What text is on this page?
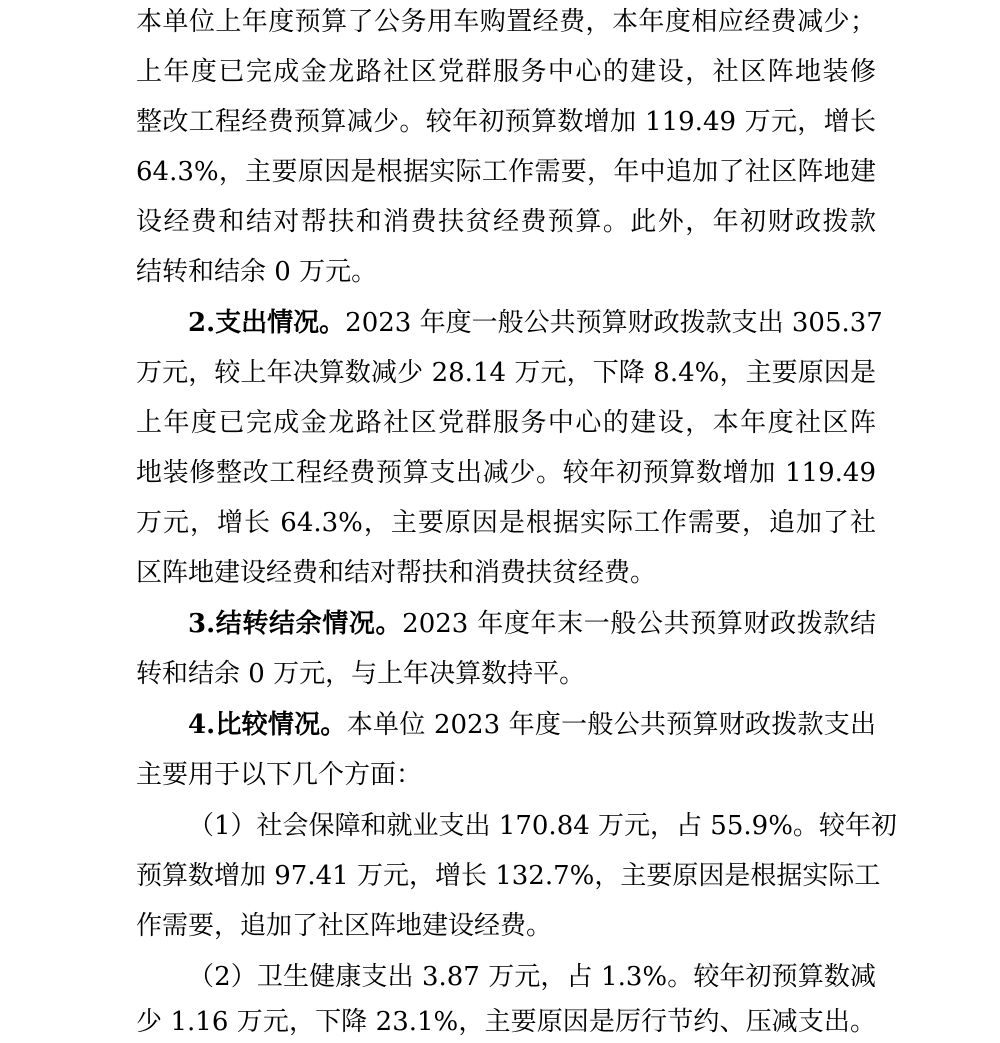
本单位上年度预算了公务用车购置经费，本年度相应经费减少；
上年度已完成金龙路社区党群服务中心的建设，社区阵地装修
整改工程经费预算减少。较年初预算数增加 119.49 万元，增长
64.3%，主要原因是根据实际工作需要，年中追加了社区阵地建
设经费和结对帮扶和消费扶贫经费预算。此外，年初财政拨款
结转和结余 0 万元。
2.支出情况。2023 年度一般公共预算财政拨款支出 305.37
万元，较上年决算数减少 28.14 万元，下降 8.4%，主要原因是
上年度已完成金龙路社区党群服务中心的建设，本年度社区阵
地装修整改工程经费预算支出减少。较年初预算数增加 119.49
万元，增长 64.3%，主要原因是根据实际工作需要，追加了社
区阵地建设经费和结对帮扶和消费扶贫经费。
3.结转结余情况。2023 年度年末一般公共预算财政拨款结
转和结余 0 万元，与上年决算数持平。
4.比较情况。本单位 2023 年度一般公共预算财政拨款支出
主要用于以下几个方面：
（1）社会保障和就业支出 170.84 万元，占 55.9%。较年初
预算数增加 97.41 万元，增长 132.7%，主要原因是根据实际工
作需要，追加了社区阵地建设经费。
（2）卫生健康支出 3.87 万元，占 1.3%。较年初预算数减
少 1.16 万元，下降 23.1%，主要原因是厉行节约、压减支出。
